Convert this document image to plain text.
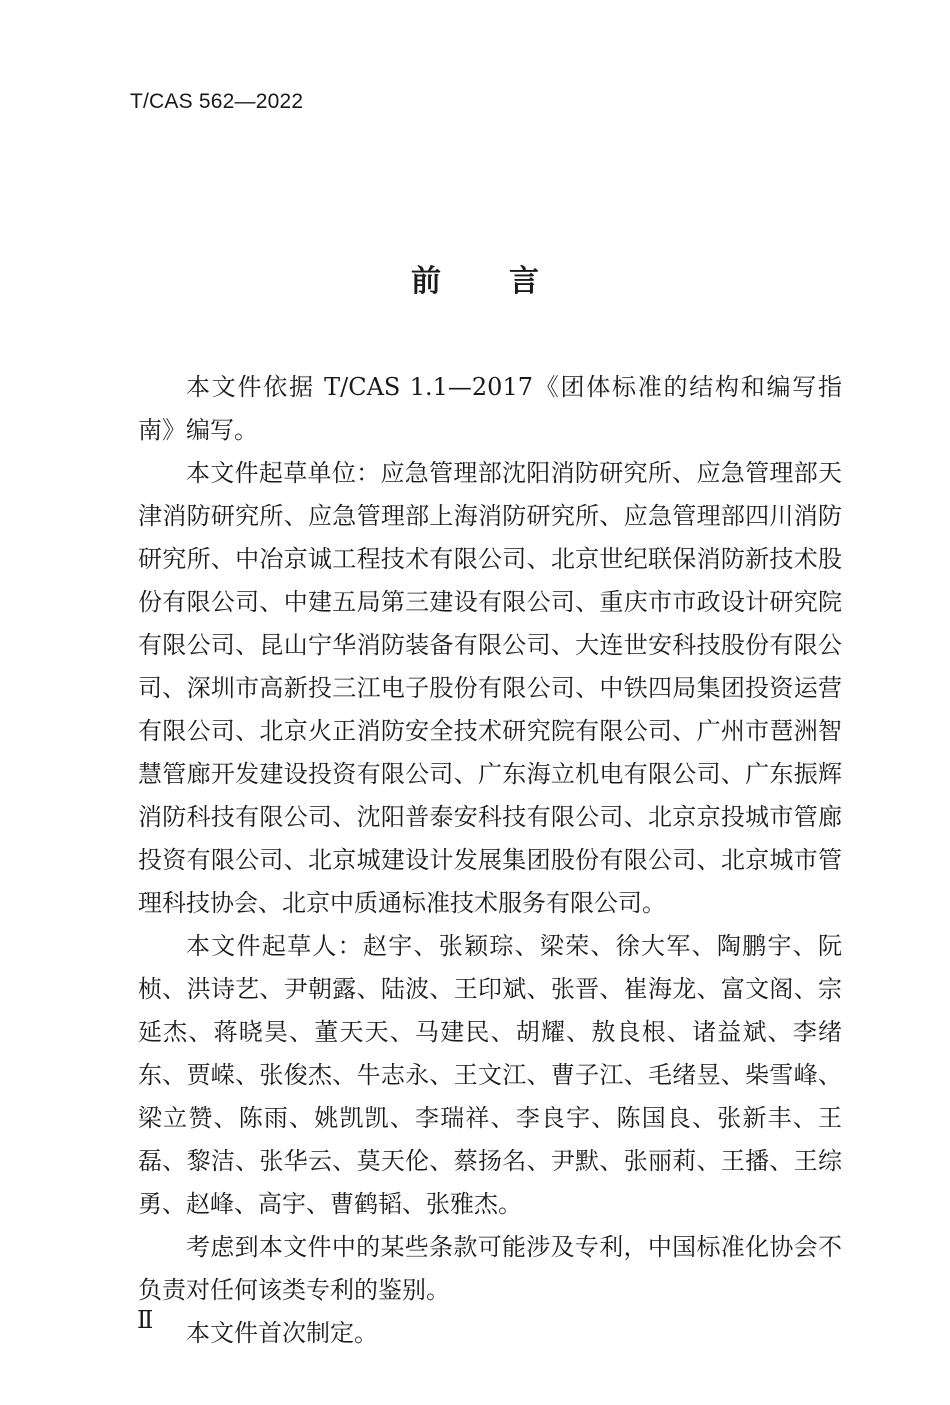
T/CAS 562—2022
前言

本文件依据 T/CAS 1.1—2017《团体标准的结构和编写指南》编写。

本文件起草单位：应急管理部沈阳消防研究所、应急管理部天津消防研究所、应急管理部上海消防研究所、应急管理部四川消防研究所、中冶京诚工程技术有限公司、北京世纪联保消防新技术股份有限公司、中建五局第三建设有限公司、重庆市市政设计研究院有限公司、昆山宁华消防装备有限公司、大连世安科技股份有限公司、深圳市高新投三江电子股份有限公司、中铁四局集团投资运营有限公司、北京火正消防安全技术研究院有限公司、广州市琶洲智慧管廊开发建设投资有限公司、广东海立机电有限公司、广东振辉消防科技有限公司、沈阳普泰安科技有限公司、北京京投城市管廊投资有限公司、北京城建设计发展集团股份有限公司、北京城市管理科技协会、北京中质通标准技术服务有限公司。

本文件起草人：赵宇、张颖琮、梁荣、徐大军、陶鹏宇、阮桢、洪诗艺、尹朝露、陆波、王印斌、张晋、崔海龙、富文阁、宗延杰、蒋晓昊、董天天、马建民、胡耀、敖良根、诸益斌、李绪东、贾嵘、张俊杰、牛志永、王文江、曹子江、毛绪昱、柴雪峰、梁立赞、陈雨、姚凯凯、李瑞祥、李良宇、陈国良、张新丰、王磊、黎洁、张华云、莫天伦、蔡扬名、尹默、张丽莉、王播、王综勇、赵峰、高宇、曹鹤韬、张雅杰。

考虑到本文件中的某些条款可能涉及专利，中国标准化协会不负责对任何该类专利的鉴别。

本文件首次制定。

Ⅱ
